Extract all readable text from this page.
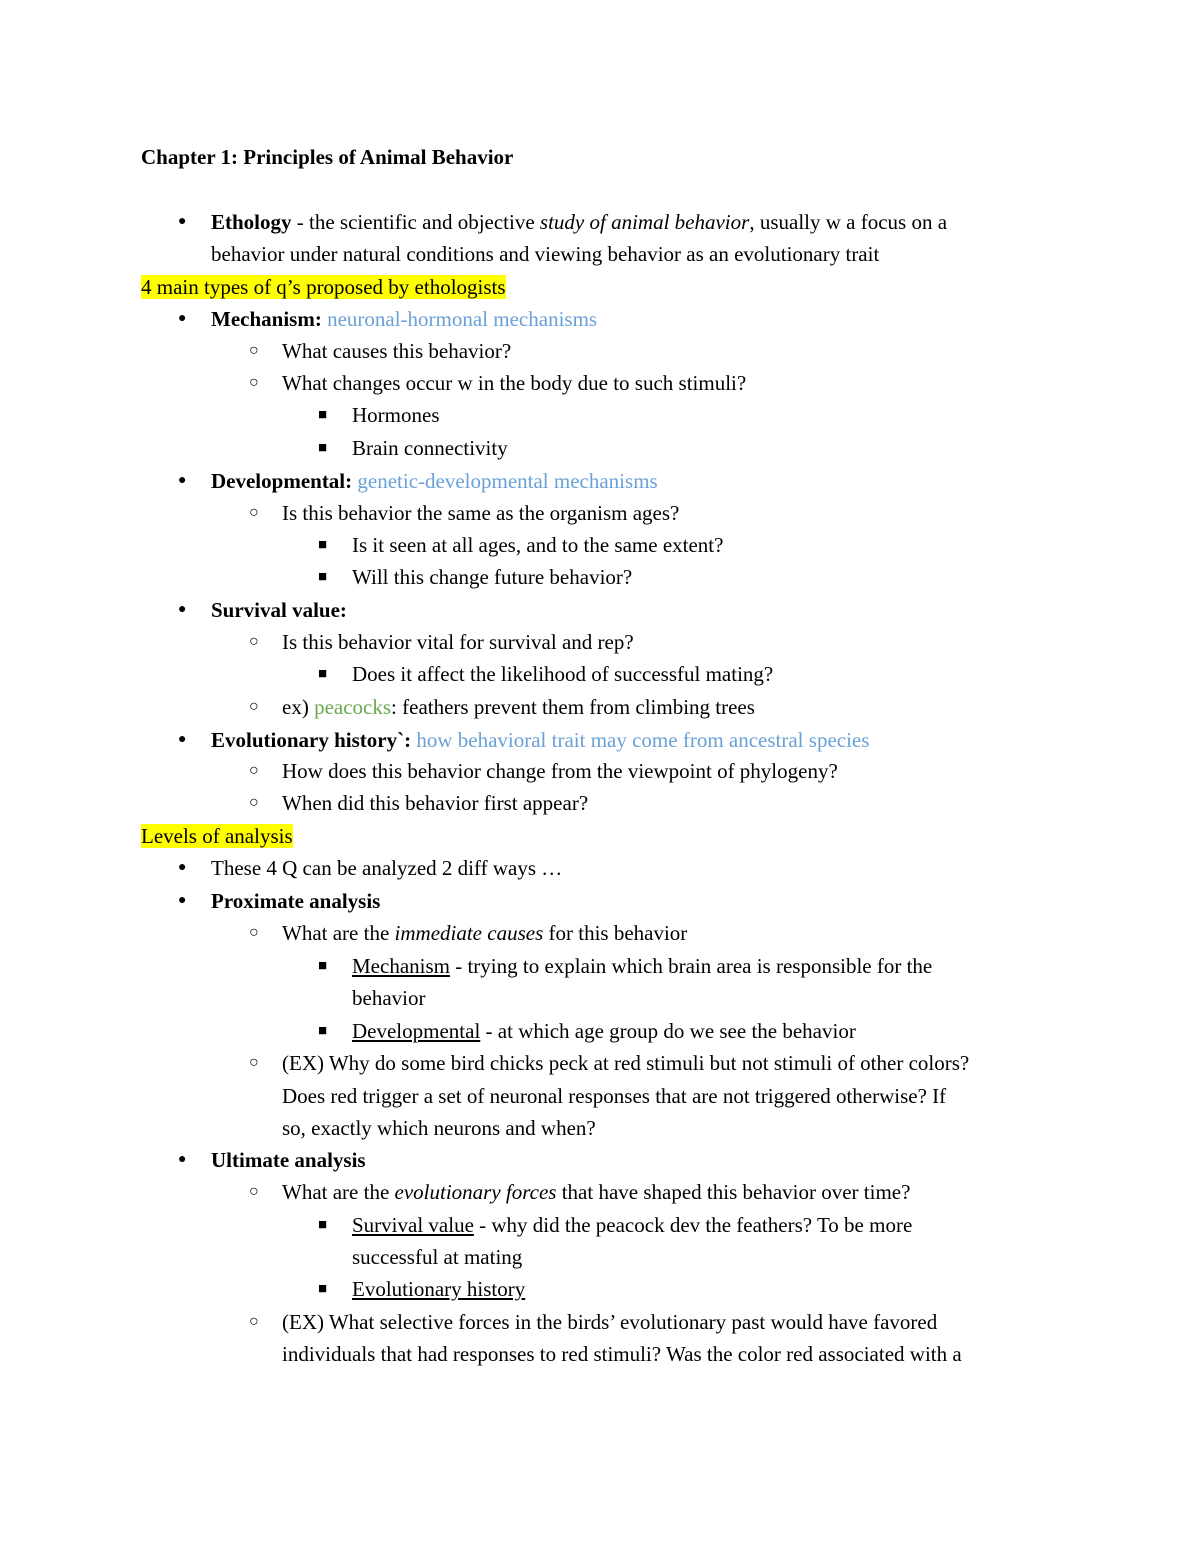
Chapter 1: Principles of Animal Behavior
● Ethology - the scientific and objective study of animal behavior, usually w a focus on a
behavior under natural conditions and viewing behavior as an evolutionary trait
4 main types of q’s proposed by ethologists
● Mechanism: neuronal-hormonal mechanisms
○ What causes this behavior?
○ What changes occur w in the body due to such stimuli?
■ Hormones
■ Brain connectivity
● Developmental: genetic-developmental mechanisms
○ Is this behavior the same as the organism ages?
■ Is it seen at all ages, and to the same extent?
■ Will this change future behavior?
● Survival value:
○ Is this behavior vital for survival and rep?
■ Does it affect the likelihood of successful mating?
○ ex) peacocks: feathers prevent them from climbing trees
● Evolutionary history`: how behavioral trait may come from ancestral species
○ How does this behavior change from the viewpoint of phylogeny?
○ When did this behavior first appear?
Levels of analysis
● These 4 Q can be analyzed 2 diff ways …
● Proximate analysis
○ What are the immediate causes for this behavior
■ Mechanism - trying to explain which brain area is responsible for the
behavior
■ Developmental - at which age group do we see the behavior
○ (EX) Why do some bird chicks peck at red stimuli but not stimuli of other colors?
Does red trigger a set of neuronal responses that are not triggered otherwise? If
so, exactly which neurons and when?
● Ultimate analysis
○ What are the evolutionary forces that have shaped this behavior over time?
■ Survival value - why did the peacock dev the feathers? To be more
successful at mating
■ Evolutionary history
○ (EX) What selective forces in the birds’ evolutionary past would have favored
individuals that had responses to red stimuli? Was the color red associated with a
